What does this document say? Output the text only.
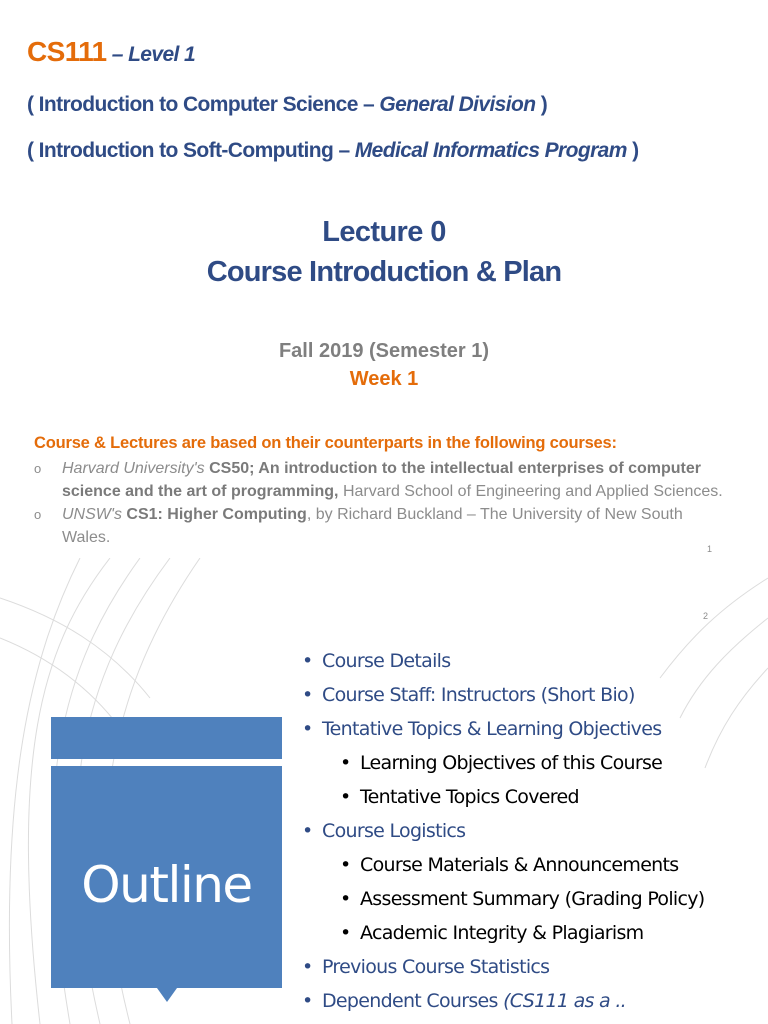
CS111 – Level 1
( Introduction to Computer Science – General Division )
( Introduction to Soft-Computing – Medical Informatics Program )
Lecture 0
Course Introduction & Plan
Fall 2019 (Semester 1)
Week 1
Course & Lectures are based on their counterparts in the following courses:
o Harvard University's CS50; An introduction to the intellectual enterprises of computer science and the art of programming, Harvard School of Engineering and Applied Sciences.
o UNSW's CS1: Higher Computing, by Richard Buckland – The University of New South Wales.
1
2
Outline
• Course Details
• Course Staff: Instructors (Short Bio)
• Tentative Topics & Learning Objectives
• Learning Objectives of this Course
• Tentative Topics Covered
• Course Logistics
• Course Materials & Announcements
• Assessment Summary (Grading Policy)
• Academic Integrity & Plagiarism
• Previous Course Statistics
• Dependent Courses (CS111 as a ..
